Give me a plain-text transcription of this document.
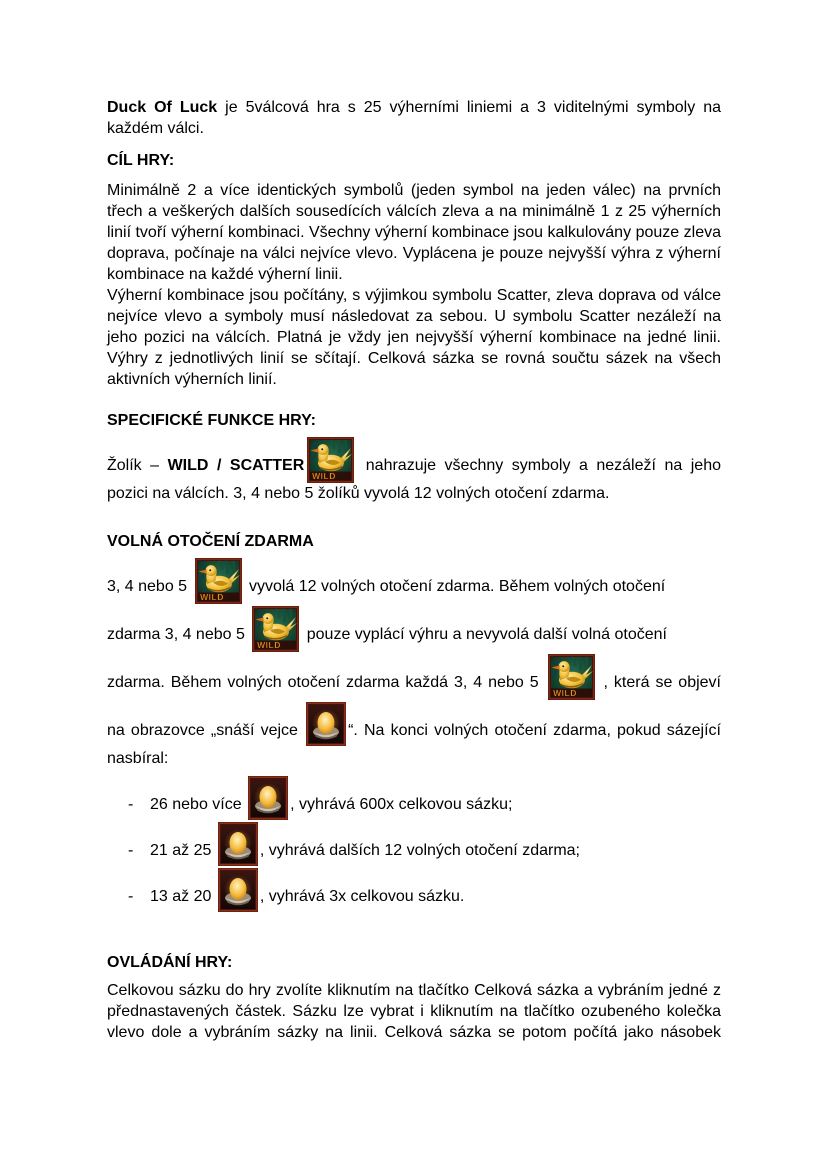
Duck Of Luck je 5válcová hra s 25 výherními liniemi a 3 viditelnými symboly na každém válci.

CÍL HRY:

Minimálně 2 a více identických symbolů (jeden symbol na jeden válec) na prvních třech a veškerých dalších sousedících válcích zleva a na minimálně 1 z 25 výherních linií tvoří výherní kombinaci. Všechny výherní kombinace jsou kalkulovány pouze zleva doprava, počínaje na válci nejvíce vlevo. Vyplácena je pouze nejvyšší výhra z výherní kombinace na každé výherní linii.

Výherní kombinace jsou počítány, s výjimkou symbolu Scatter, zleva doprava od válce nejvíce vlevo a symboly musí následovat za sebou. U symbolu Scatter nezáleží na jeho pozici na válcích. Platná je vždy jen nejvyšší výherní kombinace na jedné linii. Výhry z jednotlivých linií se sčítají. Celková sázka se rovná součtu sázek na všech aktivních výherních linií.

SPECIFICKÉ FUNKCE HRY:

Žolík – WILD / SCATTER	nahrazuje všechny symboly a nezáleží na jeho pozici na válcích. 3, 4 nebo 5 žolíků vyvolá 12 volných otočení zdarma.

VOLNÁ OTOČENÍ ZDARMA
3, 4 nebo 5	vyvolá 12 volných otočení zdarma. Během volných otočení
zdarma 3, 4 nebo 5	pouze vyplácí výhru a nevyvolá další volná otočení
zdarma. Během volných otočení zdarma každá 3, 4 nebo 5	, která se objeví
na obrazovce „snáší vejce	“. Na konci volných otočení zdarma, pokud sázející
nasbíral:
- 26 nebo více	, vyhrává 600x celkovou sázku;
- 21 až 25	, vyhrává dalších 12 volných otočení zdarma;
- 13 až 20	, vyhrává 3x celkovou sázku.
OVLÁDÁNÍ HRY:

Celkovou sázku do hry zvolíte kliknutím na tlačítko Celková sázka a vybráním jedné z přednastavených částek. Sázku lze vybrat i kliknutím na tlačítko ozubeného kolečka vlevo dole a vybráním sázky na linii. Celková sázka se potom počítá jako násobek
